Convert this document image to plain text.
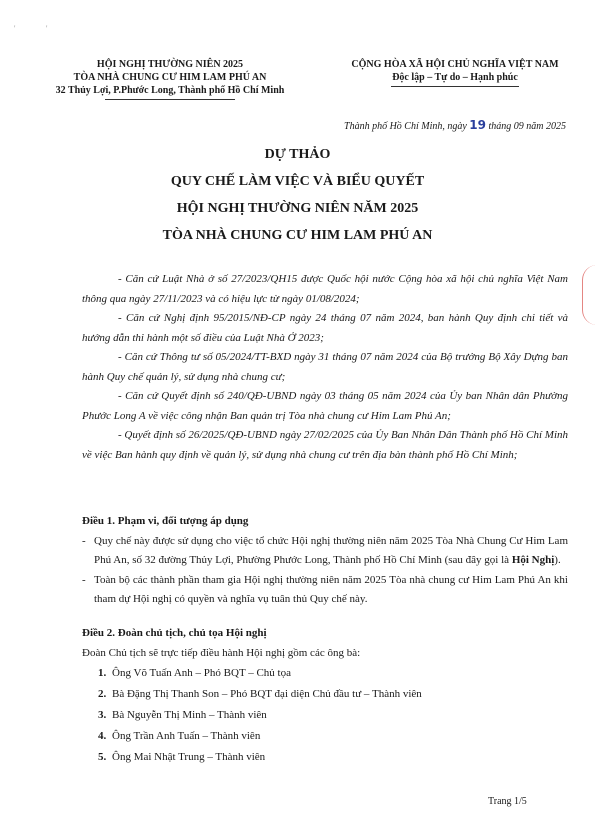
'	'
HỘI NGHỊ THƯỜNG NIÊN 2025
TÒA NHÀ CHUNG CƯ HIM LAM PHÚ AN
32 Thủy Lợi, P.Phước Long, Thành phố Hồ Chí Minh
CỘNG HÒA XÃ HỘI CHỦ NGHĨA VIỆT NAM
Độc lập – Tự do – Hạnh phúc
Thành phố Hồ Chí Minh, ngày 19 tháng 09 năm 2025
DỰ THẢO
QUY CHẾ LÀM VIỆC VÀ BIỂU QUYẾT
HỘI NGHỊ THƯỜNG NIÊN NĂM 2025
TÒA NHÀ CHUNG CƯ HIM LAM PHÚ AN

- Căn cứ Luật Nhà ở số 27/2023/QH15 được Quốc hội nước Cộng hòa xã hội chủ nghĩa Việt Nam thông qua ngày 27/11/2023 và có hiệu lực từ ngày 01/08/2024;

- Căn cứ Nghị định 95/2015/NĐ-CP ngày 24 tháng 07 năm 2024, ban hành Quy định chi tiết và hướng dẫn thi hành một số điều của Luật Nhà Ở 2023;

- Căn cứ Thông tư số 05/2024/TT-BXD ngày 31 tháng 07 năm 2024 của Bộ trưởng Bộ Xây Dựng ban hành Quy chế quản lý, sử dụng nhà chung cư;

- Căn cứ Quyết định số 240/QĐ-UBND ngày 03 tháng 05 năm 2024 của Ủy ban Nhân dân Phường Phước Long A về việc công nhận Ban quản trị Tòa nhà chung cư Him Lam Phú An;

- Quyết định số 26/2025/QĐ-UBND ngày 27/02/2025 của Ủy Ban Nhân Dân Thành phố Hồ Chí Minh về việc Ban hành quy định về quản lý, sử dụng nhà chung cư trên địa bàn thành phố Hồ Chí Minh;

Điều 1. Phạm vi, đối tượng áp dụng

- Quy chế này được sử dụng cho việc tổ chức Hội nghị thường niên năm 2025 Tòa Nhà Chung Cư Him Lam Phú An, số 32 đường Thủy Lợi, Phường Phước Long, Thành phố Hồ Chí Minh (sau đây gọi là Hội Nghị).

- Toàn bộ các thành phần tham gia Hội nghị thường niên năm 2025 Tòa nhà chung cư Him Lam Phú An khi tham dự Hội nghị có quyền và nghĩa vụ tuân thủ Quy chế này.

Điều 2. Đoàn chủ tịch, chủ tọa Hội nghị

Đoàn Chủ tịch sẽ trực tiếp điều hành Hội nghị gồm các ông bà:

1. Ông Võ Tuấn Anh – Phó BQT – Chủ tọa
2. Bà Đặng Thị Thanh Son – Phó BQT đại diện Chủ đầu tư – Thành viên
3. Bà Nguyễn Thị Minh – Thành viên
4. Ông Trần Anh Tuấn – Thành viên
5. Ông Mai Nhật Trung – Thành viên
Trang 1/5
